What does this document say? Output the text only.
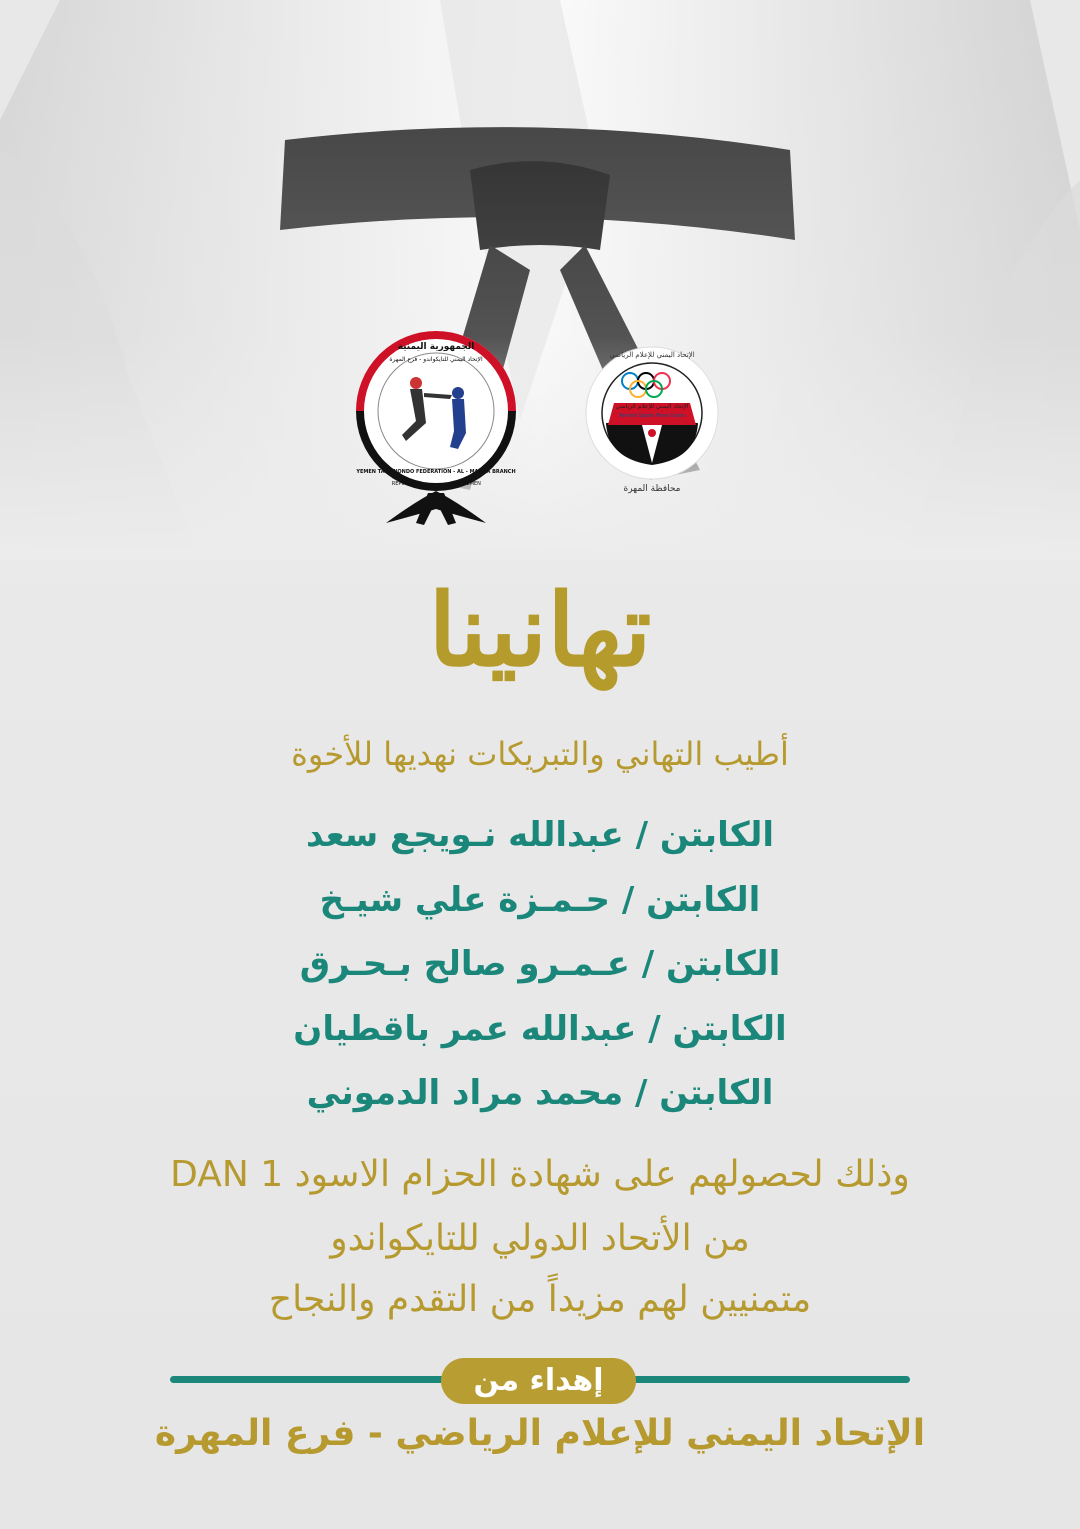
الإتحاد اليمني للإعلام الرياضي
Yemeni Sports Press Union
الإتحاد اليمني للإعلام الرياضي
محافظة المهرة
الجمهورية اليمنية
الإتحاد اليمني للتايكواندو - فرع المهرة
YEMEN TAEKWONDO FEDERATION - AL - MAHRA BRANCH
REPUBLIC	OF YEMEN
تهانينا
أطيب التهاني والتبريكات نهديها للأخوة
الكابتن / عبدالله نـويجع سعد
الكابتن / حـمـزة علي شيـخ
الكابتن / عـمـرو صالح بـحـرق
الكابتن / عبدالله عمر باقطيان
الكابتن / محمد مراد الدموني
وذلك لحصولهم على شهادة الحزام الاسود DAN 1
من الأتحاد الدولي للتايكواندو
متمنيين لهم مزيداً من التقدم والنجاح
إهداء من
الإتحاد اليمني للإعلام الرياضي - فرع المهرة
